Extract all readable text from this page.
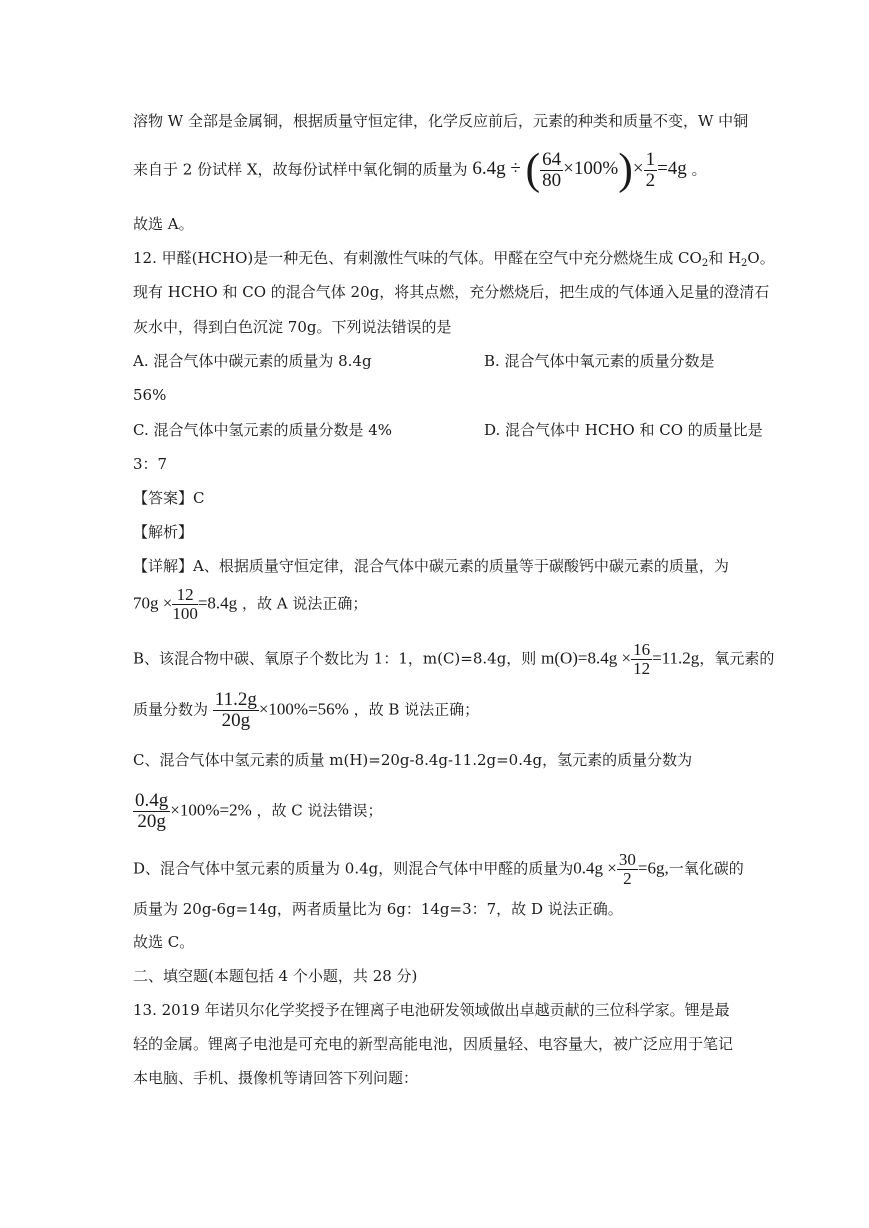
溶物 W 全部是金属铜，根据质量守恒定律，化学反应前后，元素的种类和质量不变，W 中铜
来自于 2 份试样 X，故每份试样中氧化铜的质量为 6.4g ÷ ( $\frac{64}{80} \times 100\%)\times \frac{1}{2} =4g$ 。
故选 A。
12. 甲醛(HCHO)是一种无色、有刺激性气味的气体。甲醛在空气中充分燃烧生成 $CO_2$和 $H_2O$。
现有 HCHO 和 CO 的混合气体 20g，将其点燃，充分燃烧后，把生成的气体通入足量的澄清石
灰水中，得到白色沉淀 70g。下列说法错误的是
A. 混合气体中碳元素的质量为 8.4g	B. 混合气体中氧元素的质量分数是
56%
C. 混合气体中氢元素的质量分数是 4%	D. 混合气体中 HCHO 和 CO 的质量比是
3：7
【答案】C
【解析】
【详解】A、根据质量守恒定律，混合气体中碳元素的质量等于碳酸钙中碳元素的质量，为
$70g \times \frac{12}{100} =8.4g$ ，故 A 说法正确；
B、该混合物中碳、氧原子个数比为 1：1，m(C)=8.4g，则 $m(O)=8.4g \times \frac{16}{12} =11.2g$，氧元素的
质量分数为 $\frac{11.2g}{20g} \times 100\%=56\%$ ，故 B 说法正确；
C、混合气体中氢元素的质量 m(H)=20g-8.4g-11.2g=0.4g，氢元素的质量分数为
$\frac{0.4g}{20g} \times 100\%=2\%$ ，故 C 说法错误；
D、混合气体中氢元素的质量为 0.4g，则混合气体中甲醛的质量为$0.4g \times \frac{30}{2} =6g$,一氧化碳的
质量为 20g-6g=14g，两者质量比为 6g：14g=3：7，故 D 说法正确。
故选 C。
二、填空题(本题包括 4 个小题，共 28 分)
13. 2019 年诺贝尔化学奖授予在锂离子电池研发领域做出卓越贡献的三位科学家。锂是最
轻的金属。锂离子电池是可充电的新型高能电池，因质量轻、电容量大，被广泛应用于笔记
本电脑、手机、摄像机等请回答下列问题：
